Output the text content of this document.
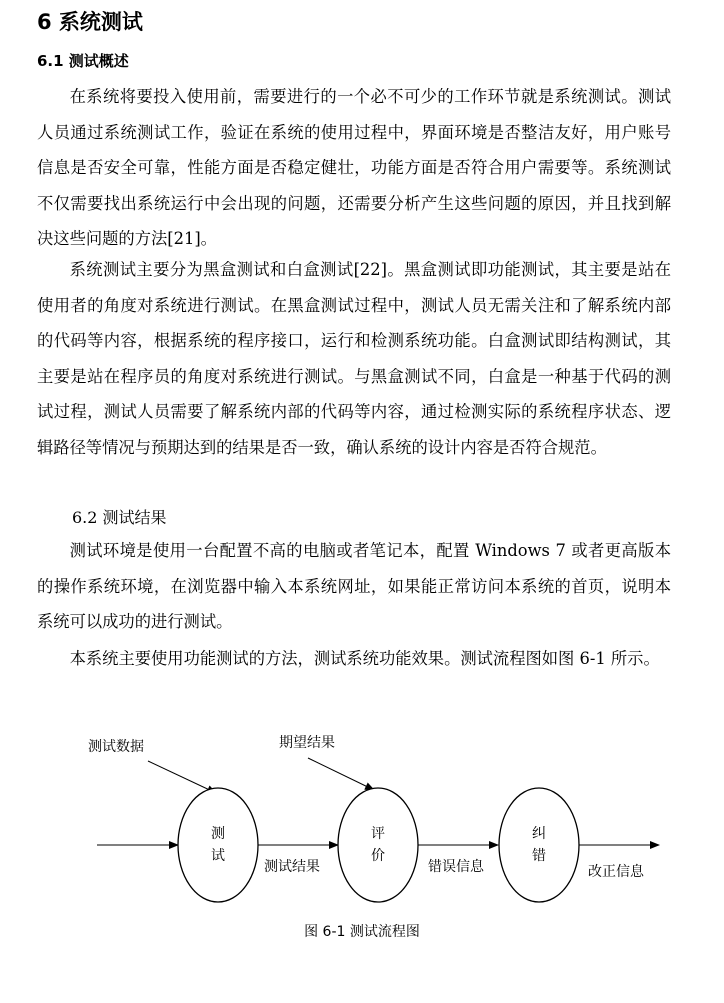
6 系统测试
6.1 测试概述

在系统将要投入使用前，需要进行的一个必不可少的工作环节就是系统测试。测试人员通过系统测试工作，验证在系统的使用过程中，界面环境是否整洁友好，用户账号信息是否安全可靠，性能方面是否稳定健壮，功能方面是否符合用户需要等。系统测试不仅需要找出系统运行中会出现的问题，还需要分析产生这些问题的原因，并且找到解决这些问题的方法[21]。

系统测试主要分为黑盒测试和白盒测试[22]。黑盒测试即功能测试，其主要是站在使用者的角度对系统进行测试。在黑盒测试过程中，测试人员无需关注和了解系统内部的代码等内容，根据系统的程序接口，运行和检测系统功能。白盒测试即结构测试，其主要是站在程序员的角度对系统进行测试。与黑盒测试不同，白盒是一种基于代码的测试过程，测试人员需要了解系统内部的代码等内容，通过检测实际的系统程序状态、逻辑路径等情况与预期达到的结果是否一致，确认系统的设计内容是否符合规范。

6.2 测试结果

测试环境是使用一台配置不高的电脑或者笔记本，配置 Windows 7 或者更高版本的操作系统环境，在浏览器中输入本系统网址，如果能正常访问本系统的首页，说明本系统可以成功的进行测试。

本系统主要使用功能测试的方法，测试系统功能效果。测试流程图如图 6-1 所示。

测试数据	期望结果
测
试
评
价
纠
错
测试结果	错误信息	改正信息
图 6-1 测试流程图
